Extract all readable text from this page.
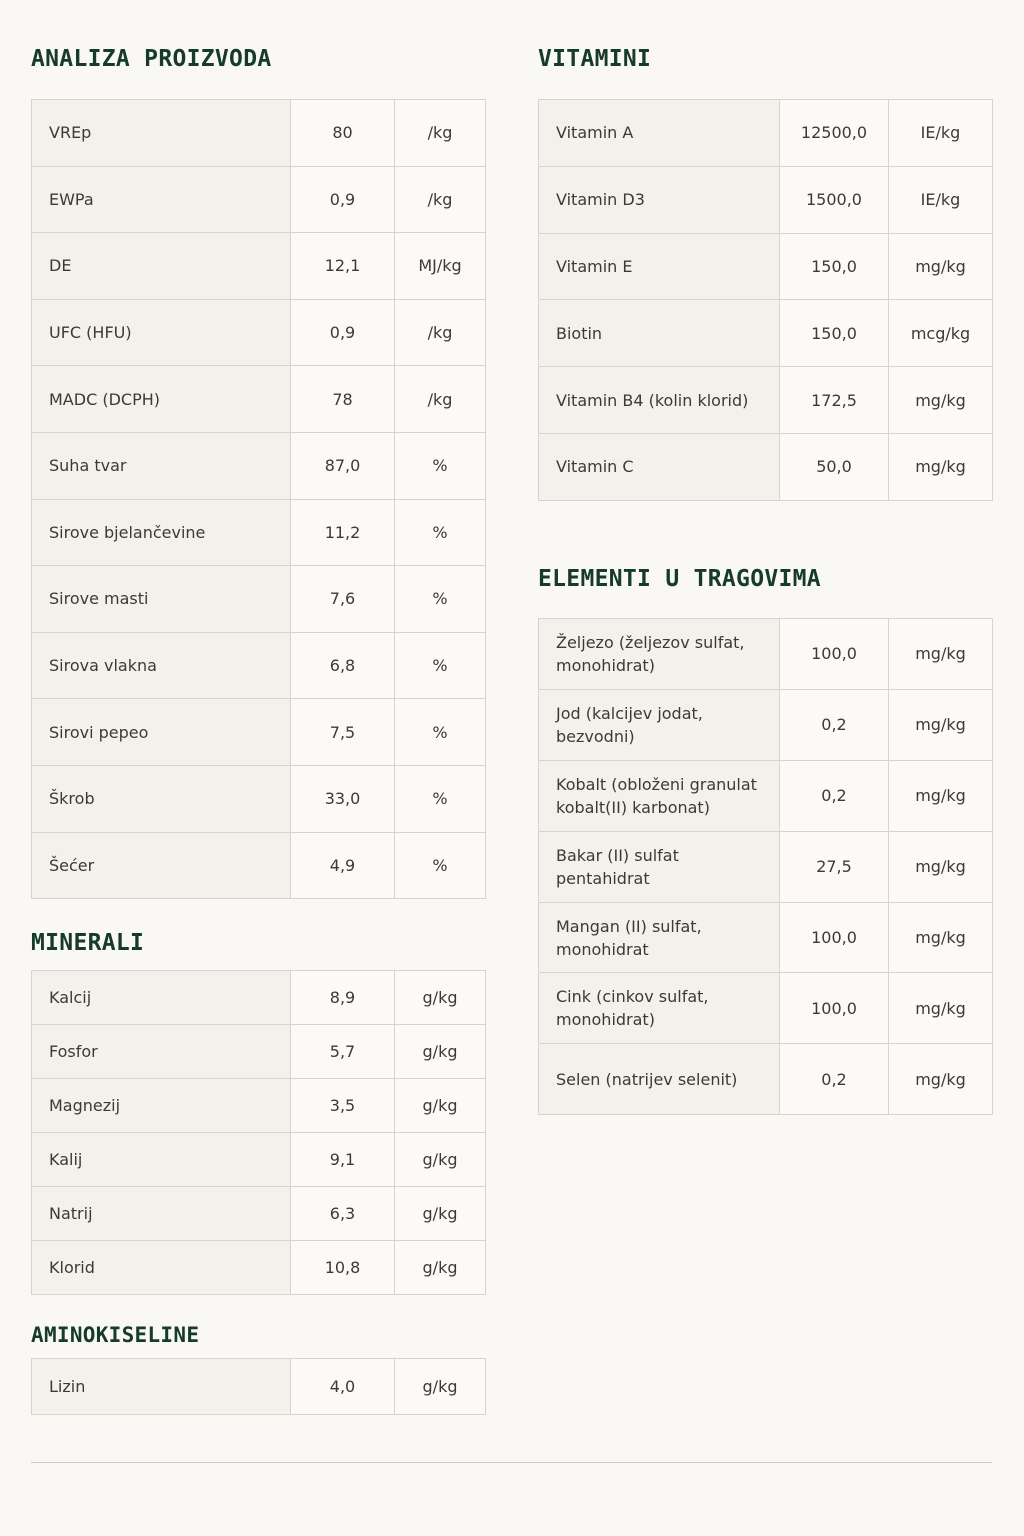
ANALIZA PROIZVODA
VREp	80	/kg
EWPa	0,9	/kg
DE	12,1	MJ/kg
UFC (HFU)	0,9	/kg
MADC (DCPH)	78	/kg
Suha tvar	87,0	%
Sirove bjelančevine	11,2	%
Sirove masti	7,6	%
Sirova vlakna	6,8	%
Sirovi pepeo	7,5	%
Škrob	33,0	%
Šećer	4,9	%
MINERALI
Kalcij	8,9	g/kg
Fosfor	5,7	g/kg
Magnezij	3,5	g/kg
Kalij	9,1	g/kg
Natrij	6,3	g/kg
Klorid	10,8	g/kg
AMINOKISELINE
Lizin	4,0	g/kg
VITAMINI
Vitamin A	12500,0	IE/kg
Vitamin D3	1500,0	IE/kg
Vitamin E	150,0	mg/kg
Biotin	150,0	mcg/kg
Vitamin B4 (kolin klorid)	172,5	mg/kg
Vitamin C	50,0	mg/kg
ELEMENTI U TRAGOVIMA
Željezo (željezov sulfat, monohidrat)	100,0	mg/kg
Jod (kalcijev jodat, bezvodni)	0,2	mg/kg
Kobalt (obloženi granulat kobalt(II) karbonat)	0,2	mg/kg
Bakar (II) sulfat pentahidrat	27,5	mg/kg
Mangan (II) sulfat, monohidrat	100,0	mg/kg
Cink (cinkov sulfat, monohidrat)	100,0	mg/kg
Selen (natrijev selenit)	0,2	mg/kg
